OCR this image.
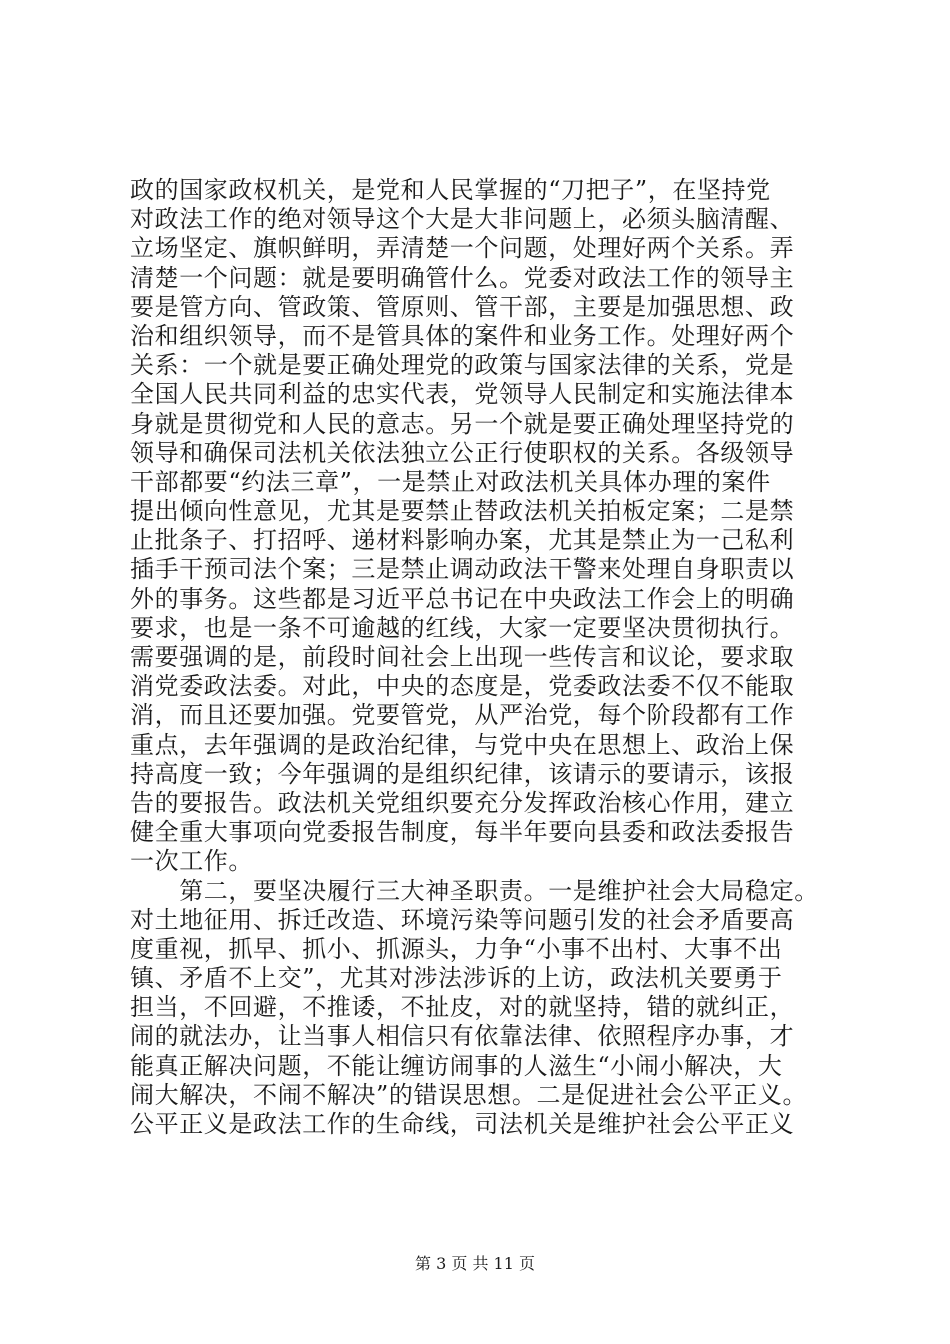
政的国家政权机关，是党和人民掌握的“刀把子”，在坚持党
对政法工作的绝对领导这个大是大非问题上，必须头脑清醒、
立场坚定、旗帜鲜明，弄清楚一个问题，处理好两个关系。弄
清楚一个问题：就是要明确管什么。党委对政法工作的领导主
要是管方向、管政策、管原则、管干部，主要是加强思想、政
治和组织领导，而不是管具体的案件和业务工作。处理好两个
关系：一个就是要正确处理党的政策与国家法律的关系，党是
全国人民共同利益的忠实代表，党领导人民制定和实施法律本
身就是贯彻党和人民的意志。另一个就是要正确处理坚持党的
领导和确保司法机关依法独立公正行使职权的关系。各级领导
干部都要“约法三章”，一是禁止对政法机关具体办理的案件
提出倾向性意见，尤其是要禁止替政法机关拍板定案；二是禁
止批条子、打招呼、递材料影响办案，尤其是禁止为一己私利
插手干预司法个案；三是禁止调动政法干警来处理自身职责以
外的事务。这些都是习近平总书记在中央政法工作会上的明确
要求，也是一条不可逾越的红线，大家一定要坚决贯彻执行。
需要强调的是，前段时间社会上出现一些传言和议论，要求取
消党委政法委。对此，中央的态度是，党委政法委不仅不能取
消，而且还要加强。党要管党，从严治党，每个阶段都有工作
重点，去年强调的是政治纪律，与党中央在思想上、政治上保
持高度一致；今年强调的是组织纪律，该请示的要请示，该报
告的要报告。政法机关党组织要充分发挥政治核心作用，建立
健全重大事项向党委报告制度，每半年要向县委和政法委报告
一次工作。
　　第二，要坚决履行三大神圣职责。一是维护社会大局稳定。
对土地征用、拆迁改造、环境污染等问题引发的社会矛盾要高
度重视，抓早、抓小、抓源头，力争“小事不出村、大事不出
镇、矛盾不上交”，尤其对涉法涉诉的上访，政法机关要勇于
担当，不回避，不推诿，不扯皮，对的就坚持，错的就纠正，
闹的就法办，让当事人相信只有依靠法律、依照程序办事，才
能真正解决问题，不能让缠访闹事的人滋生“小闹小解决，大
闹大解决，不闹不解决”的错误思想。二是促进社会公平正义。
公平正义是政法工作的生命线，司法机关是维护社会公平正义
第 3 页 共 11 页
